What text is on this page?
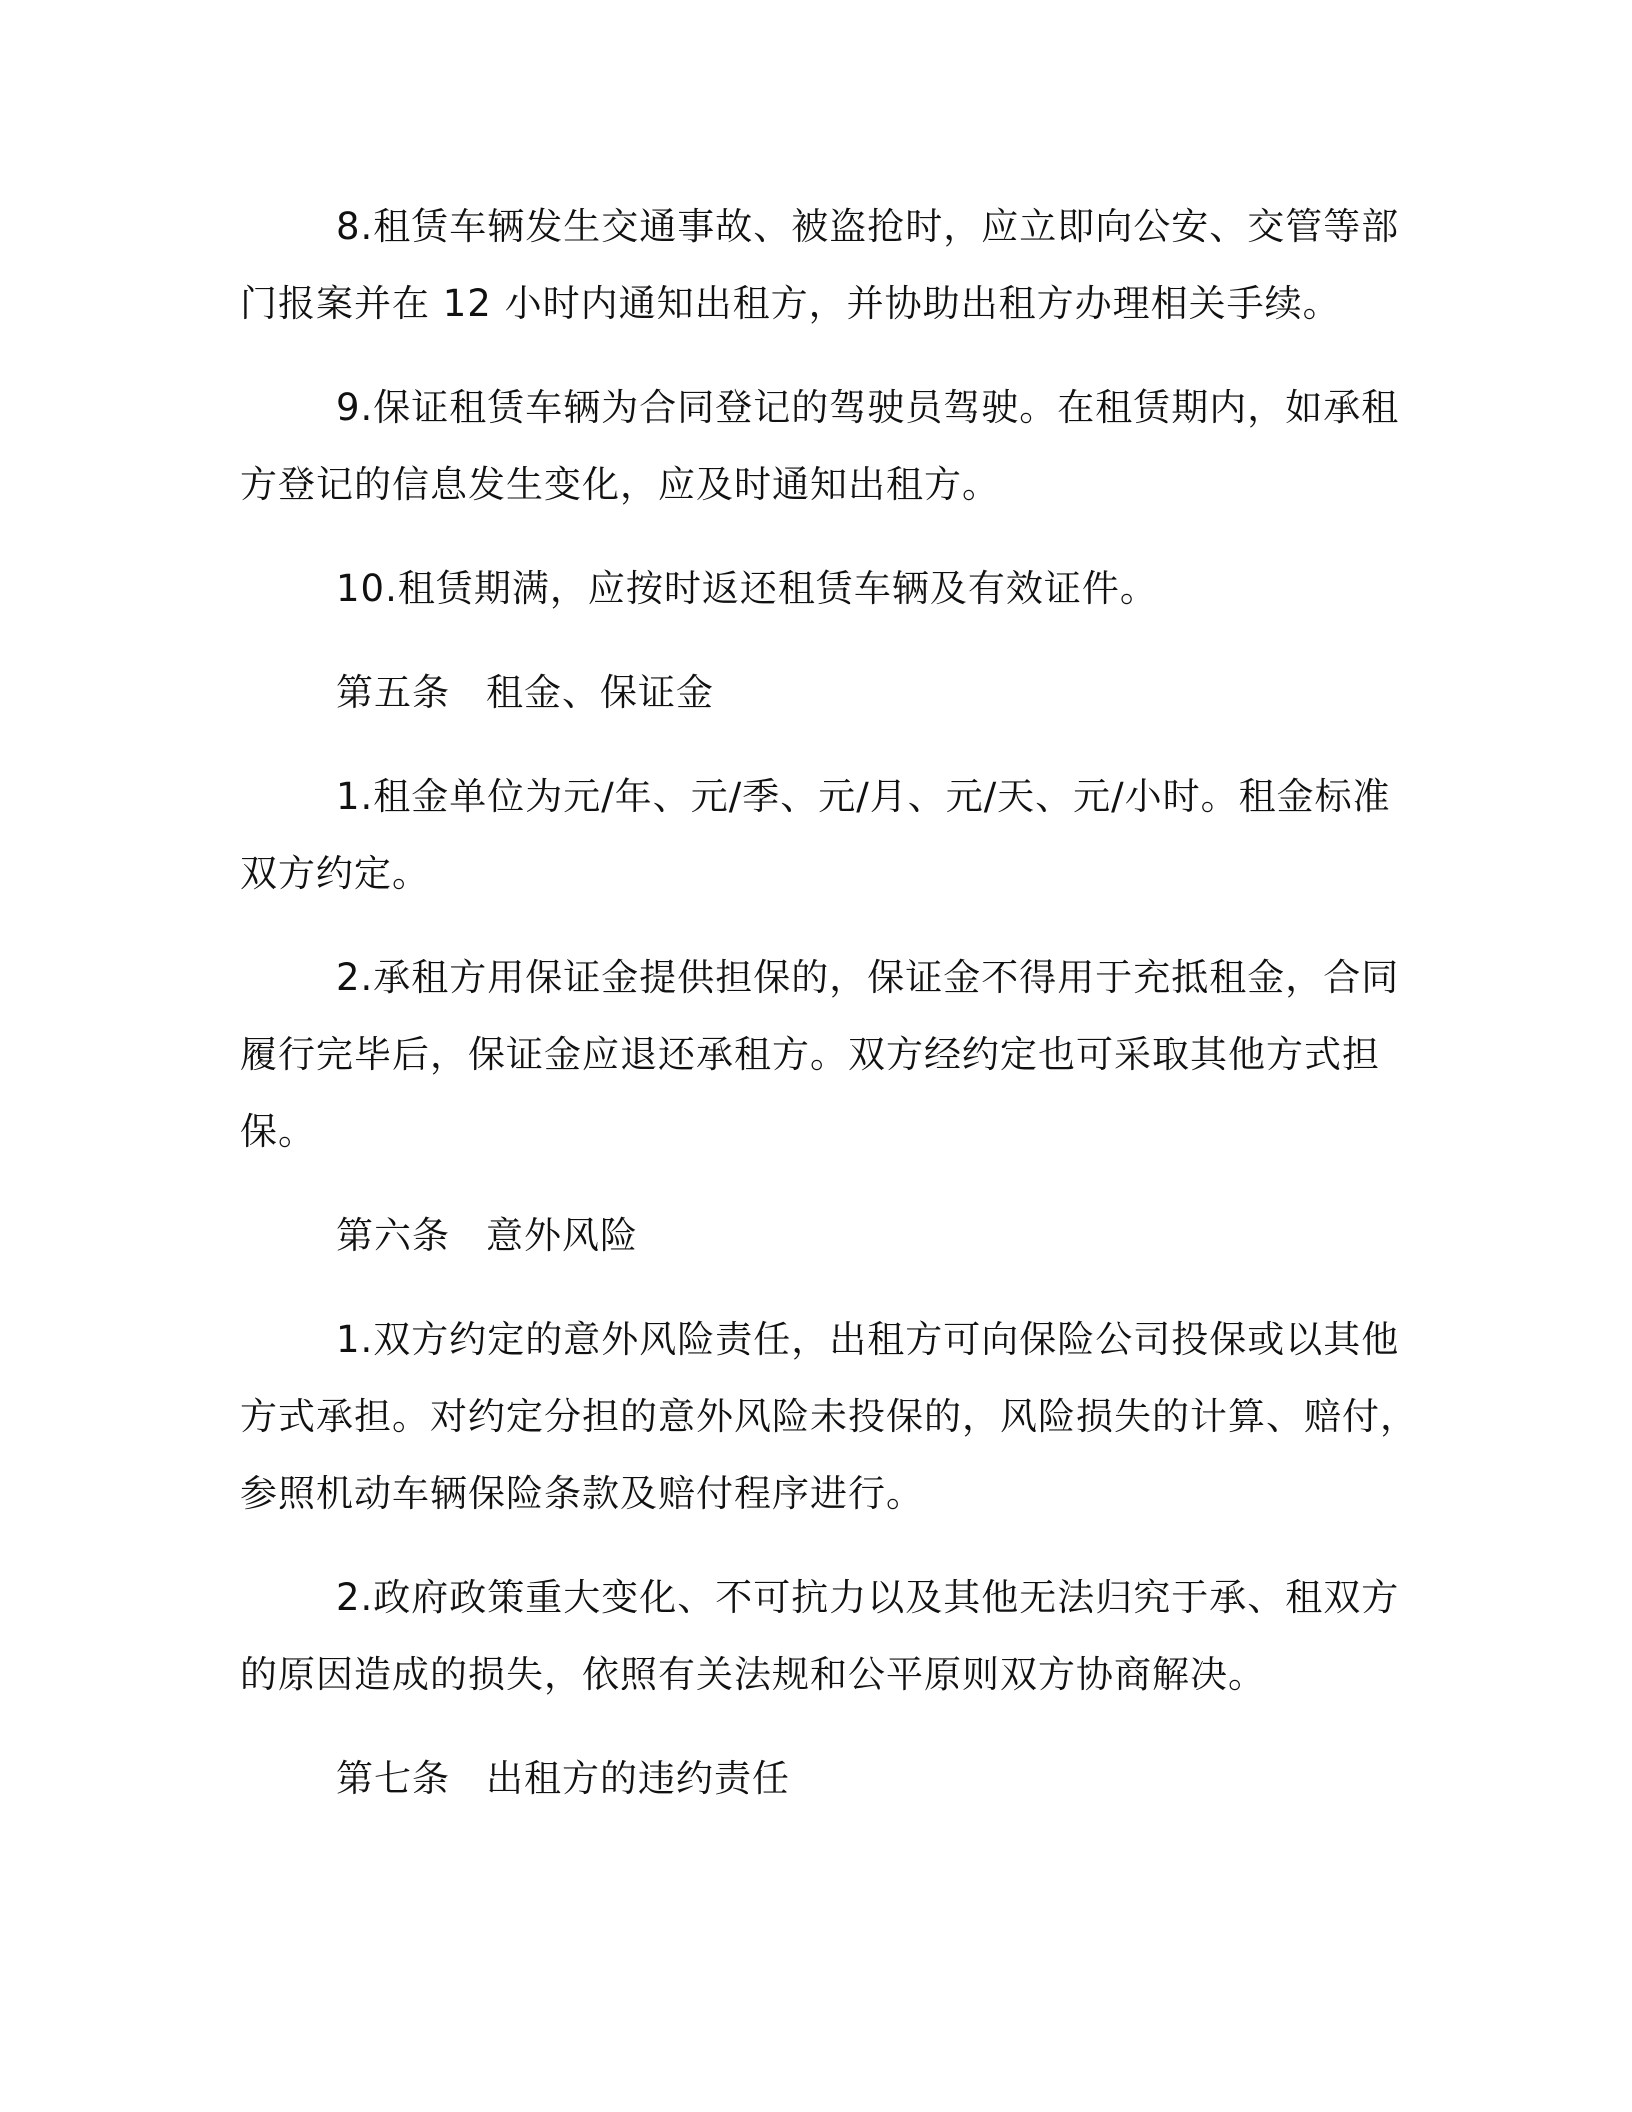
8.租赁车辆发生交通事故、被盗抢时，应立即向公安、交管等部
门报案并在 12 小时内通知出租方，并协助出租方办理相关手续。
9.保证租赁车辆为合同登记的驾驶员驾驶。在租赁期内，如承租
方登记的信息发生变化，应及时通知出租方。
10.租赁期满，应按时返还租赁车辆及有效证件。
第五条 租金、保证金
1.租金单位为元/年、元/季、元/月、元/天、元/小时。租金标准
双方约定。
2.承租方用保证金提供担保的，保证金不得用于充抵租金，合同
履行完毕后，保证金应退还承租方。双方经约定也可采取其他方式担
保。
第六条 意外风险
1.双方约定的意外风险责任，出租方可向保险公司投保或以其他
方式承担。对约定分担的意外风险未投保的，风险损失的计算、赔付，
参照机动车辆保险条款及赔付程序进行。
2.政府政策重大变化、不可抗力以及其他无法归究于承、租双方
的原因造成的损失，依照有关法规和公平原则双方协商解决。
第七条 出租方的违约责任
